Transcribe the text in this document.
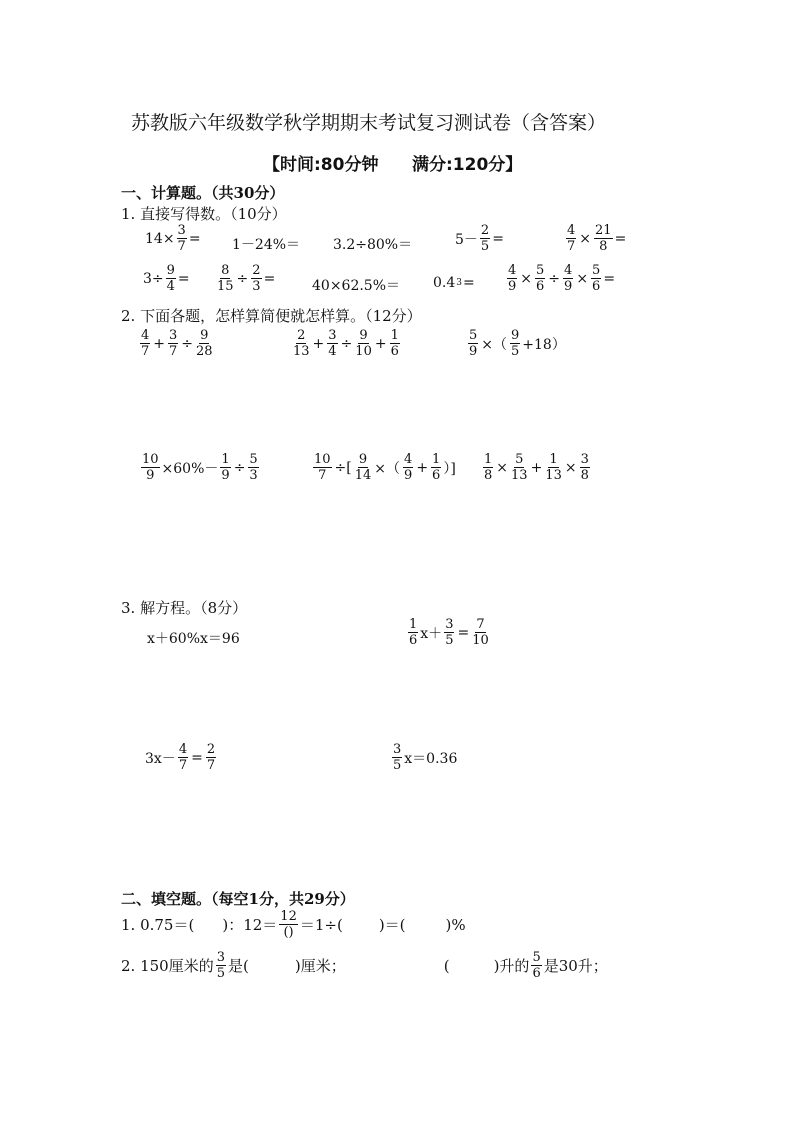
苏教版六年级数学秋学期期末考试复习测试卷（含答案）
【时间:80分钟 满分:120分】
一、计算题。（共30分）
1. 直接写得数。（10分）
$14\times \frac{3}{7} = 1-24\%= 3.2\div 80\%=$	$5- \frac{2}{5}$ =	$\frac{4}{7} \times \frac{21}{8}$ =
$3\div \frac{9}{4} = \frac{8}{15} \div \frac{2}{3}$ =	40×62.5%＝ 0.4 $3 = \frac{4}{9} \times \frac{5}{6} \div \frac{4}{9} \times \frac{5}{6}$ =
2. 下面各题，怎样算简便就怎样算。（12分）
4
$7 + \frac{3}{7} \div \frac{9}{28}$	2
$13 + \frac{3}{4} \div \frac{9}{10} + \frac{1}{6}$	$\frac{5}{9}$ ×（
9
5 +18）
$\frac{10}{9} \times 60\%- \frac{1}{9} \div \frac{5}{3}$	$\frac{10}{7}$ ÷[ $\frac{9}{14}$ ×（
4
$9 + \frac{1}{6}$ ）] $\frac{1}{8} \times \frac{5}{13} + \frac{1}{13} \times \frac{3}{8}$
3. 解方程。（8分）
x＋60%x＝96
1
6 $x+ \frac{3}{5} = \frac{7}{10}$
$3x- \frac{4}{7} = \frac{2}{7}$	3
5 x＝0.36
二、填空题。（每空1分，共29分）
1. 0.75＝( )：12＝ 12
() ＝1÷( )＝(	)%
2. 150厘米的 3
5 是(	)厘米；	(	)升的 5
6 是30升；
